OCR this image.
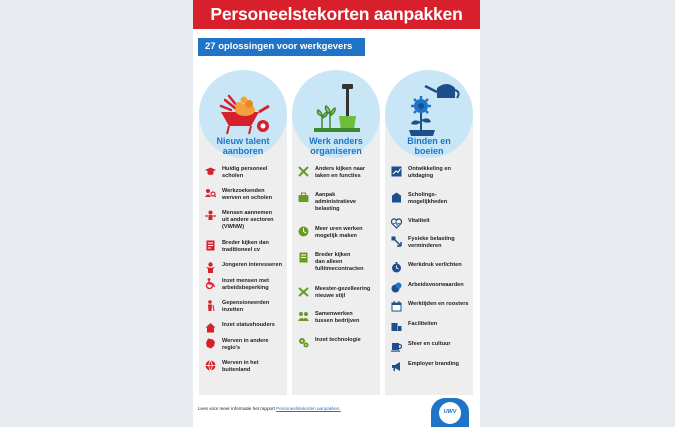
Personeelstekorten aanpakken
27 oplossingen voor werkgevers
Nieuw talent
aanboren
Huidig personeel
scholen
Werkzoekenden
werven en scholen
Mensen aannemen
uit andere sectoren
(VWNW)
Breder kijken dan
traditioneel cv
Jongeren interesseren
Inzet mensen met
arbeidsbeperking
Gepensioneerden
inzetten
Inzet statushouders
Werven in andere
regio's
Werven in het
buitenland
Werk anders
organiseren
Anders kijken naar
taken en functies
Aanpak
administratieve
belasting
Meer uren werken
mogelijk maken
Breder kijken
dan alleen
fulltimecontracten
Meester-gezelleering
nieuwe stijl
Samenwerken
tussen bedrijven
Inzet technologie
Binden en
boeien
Ontwikkeling en
uitdaging
Scholings-
mogelijkheden
Vitaliteit
Fysieke belasting
verminderen
Werkdruk verlichten
Arbeidsvoorwaarden
Werktijden en roosters
Faciliteiten
Sfeer en cultuur
Employer branding
Lees voor meer informatie het rapport Personeelstekorten aanpakken.
UWV
